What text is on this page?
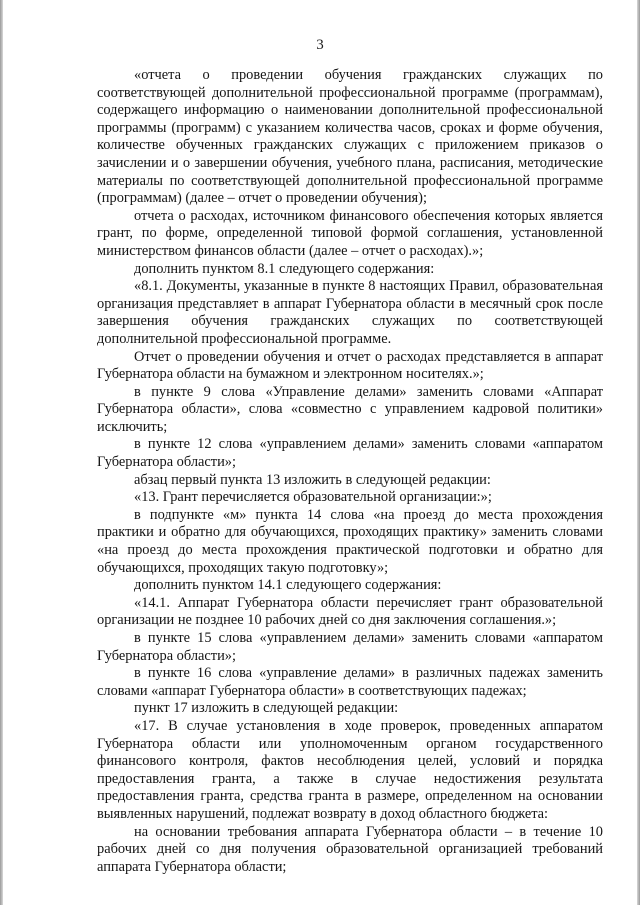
3

«отчета о проведении обучения гражданских служащих по соответствующей дополнительной профессиональной программе (программам), содержащего информацию о наименовании дополнительной профессиональной программы (программ) с указанием количества часов, сроках и форме обучения, количестве обученных гражданских служащих с приложением приказов о зачислении и о завершении обучения, учебного плана, расписания, методические материалы по соответствующей дополнительной профессиональной программе (программам) (далее – отчет о проведении обучения);

отчета о расходах, источником финансового обеспечения которых является грант, по форме, определенной типовой формой соглашения, установленной министерством финансов области (далее – отчет о расходах).»;

дополнить пунктом 8.1 следующего содержания:

«8.1. Документы, указанные в пункте 8 настоящих Правил, образовательная организация представляет в аппарат Губернатора области в месячный срок после завершения обучения гражданских служащих по соответствующей дополнительной профессиональной программе.

Отчет о проведении обучения и отчет о расходах представляется в аппарат Губернатора области на бумажном и электронном носителях.»;

в пункте 9 слова «Управление делами» заменить словами «Аппарат Губернатора области», слова «совместно с управлением кадровой политики» исключить;

в пункте 12 слова «управлением делами» заменить словами «аппаратом Губернатора области»;

абзац первый пункта 13 изложить в следующей редакции:

«13. Грант перечисляется образовательной организации:»;

в подпункте «м» пункта 14 слова «на проезд до места прохождения практики и обратно для обучающихся, проходящих практику» заменить словами «на проезд до места прохождения практической подготовки и обратно для обучающихся, проходящих такую подготовку»;

дополнить пунктом 14.1 следующего содержания:

«14.1. Аппарат Губернатора области перечисляет грант образовательной организации не позднее 10 рабочих дней со дня заключения соглашения.»;

в пункте 15 слова «управлением делами» заменить словами «аппаратом Губернатора области»;

в пункте 16 слова «управление делами» в различных падежах заменить словами «аппарат Губернатора области» в соответствующих падежах;

пункт 17 изложить в следующей редакции:

«17. В случае установления в ходе проверок, проведенных аппаратом Губернатора области или уполномоченным органом государственного финансового контроля, фактов несоблюдения целей, условий и порядка предоставления гранта, а также в случае недостижения результата предоставления гранта, средства гранта в размере, определенном на основании выявленных нарушений, подлежат возврату в доход областного бюджета:

на основании требования аппарата Губернатора области – в течение 10 рабочих дней со дня получения образовательной организацией требований аппарата Губернатора области;
